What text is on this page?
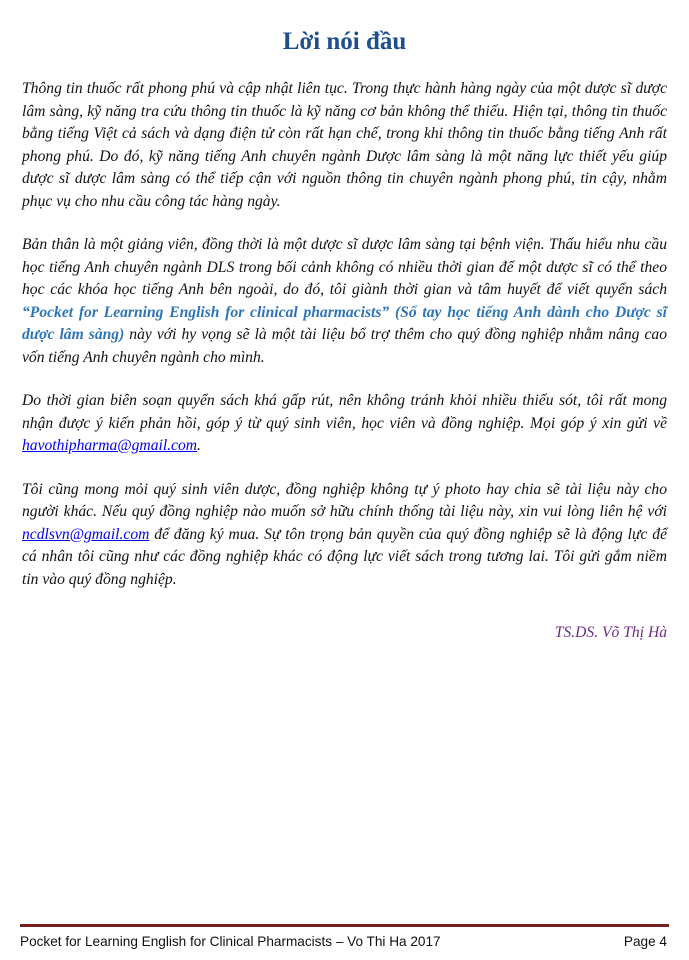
Lời nói đầu

Thông tin thuốc rất phong phú và cập nhật liên tục. Trong thực hành hàng ngày của một dược sĩ dược lâm sàng, kỹ năng tra cứu thông tin thuốc là kỹ năng cơ bản không thể thiếu. Hiện tại, thông tin thuốc bằng tiếng Việt cả sách và dạng điện tử còn rất hạn chế, trong khi thông tin thuốc bằng tiếng Anh rất phong phú. Do đó, kỹ năng tiếng Anh chuyên ngành Dược lâm sàng là một năng lực thiết yếu giúp dược sĩ dược lâm sàng có thể tiếp cận với nguồn thông tin chuyên ngành phong phú, tin cậy, nhằm phục vụ cho nhu cầu công tác hàng ngày.

Bản thân là một giảng viên, đồng thời là một dược sĩ dược lâm sàng tại bệnh viện. Thấu hiểu nhu cầu học tiếng Anh chuyên ngành DLS trong bối cảnh không có nhiều thời gian để một dược sĩ có thể theo học các khóa học tiếng Anh bên ngoài, do đó, tôi giành thời gian và tâm huyết để viết quyển sách “Pocket for Learning English for clinical pharmacists” (Sổ tay học tiếng Anh dành cho Dược sĩ dược lâm sàng) này với hy vọng sẽ là một tài liệu bổ trợ thêm cho quý đồng nghiệp nhằm nâng cao vốn tiếng Anh chuyên ngành cho mình.

Do thời gian biên soạn quyển sách khá gấp rút, nên không tránh khỏi nhiều thiếu sót, tôi rất mong nhận được ý kiến phản hồi, góp ý từ quý sinh viên, học viên và đồng nghiệp. Mọi góp ý xin gửi về havothipharma@gmail.com.

Tôi cũng mong mỏi quý sinh viên dược, đồng nghiệp không tự ý photo hay chia sẽ tài liệu này cho người khác. Nếu quý đồng nghiệp nào muốn sở hữu chính thống tài liệu này, xin vui lòng liên hệ với ncdlsvn@gmail.com để đăng ký mua. Sự tôn trọng bản quyền của quý đồng nghiệp sẽ là động lực để cá nhân tôi cũng như các đồng nghiệp khác có động lực viết sách trong tương lai. Tôi gửi gắm niềm tin vào quý đồng nghiệp.

TS.DS. Võ Thị Hà
Pocket for Learning English for Clinical Pharmacists – Vo Thi Ha 2017	Page 4
